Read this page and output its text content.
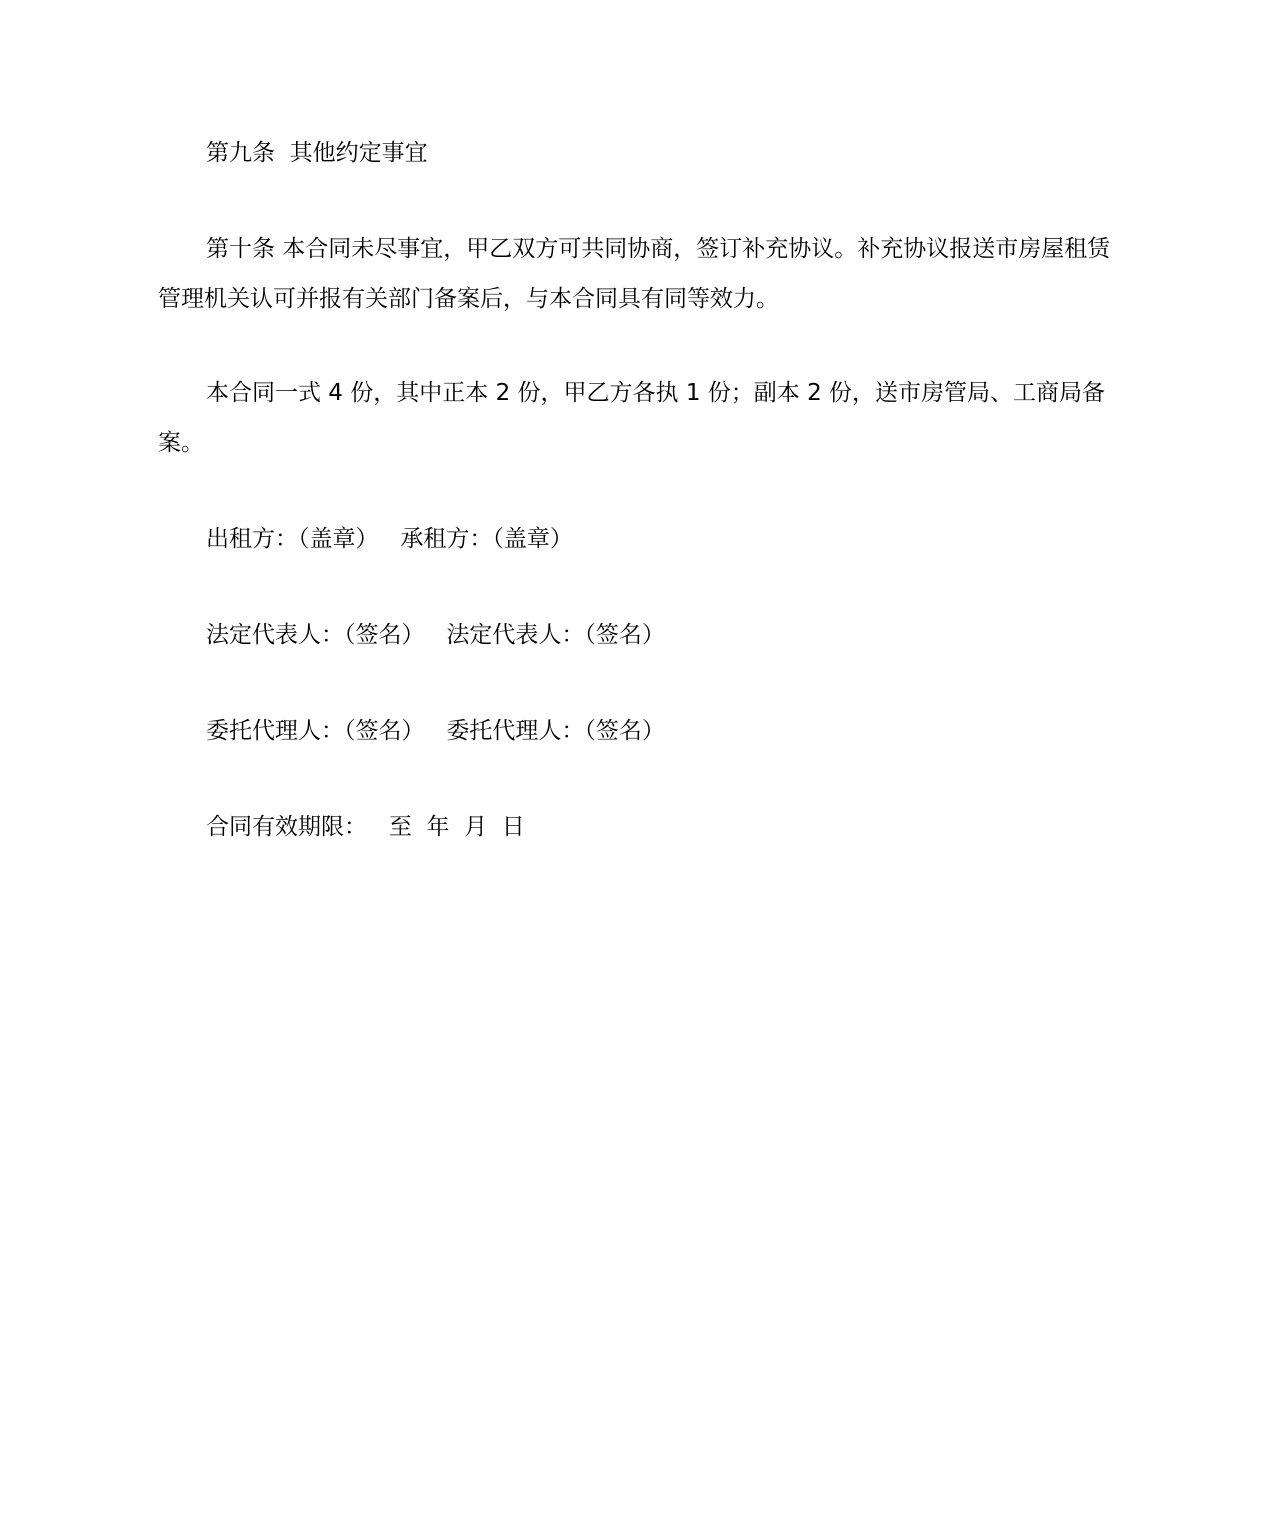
第九条  其他约定事宜
第十条 本合同未尽事宜，甲乙双方可共同协商，签订补充协议。补充协议报送市房屋租赁管理机关认可并报有关部门备案后，与本合同具有同等效力。
本合同一式 4 份，其中正本 2 份，甲乙方各执 1 份；副本 2 份，送市房管局、工商局备案。
出租方：（盖章）   承租方：（盖章）
法定代表人：（签名）   法定代表人：（签名）
委托代理人：（签名）   委托代理人：（签名）
合同有效期限：   至  年  月  日
